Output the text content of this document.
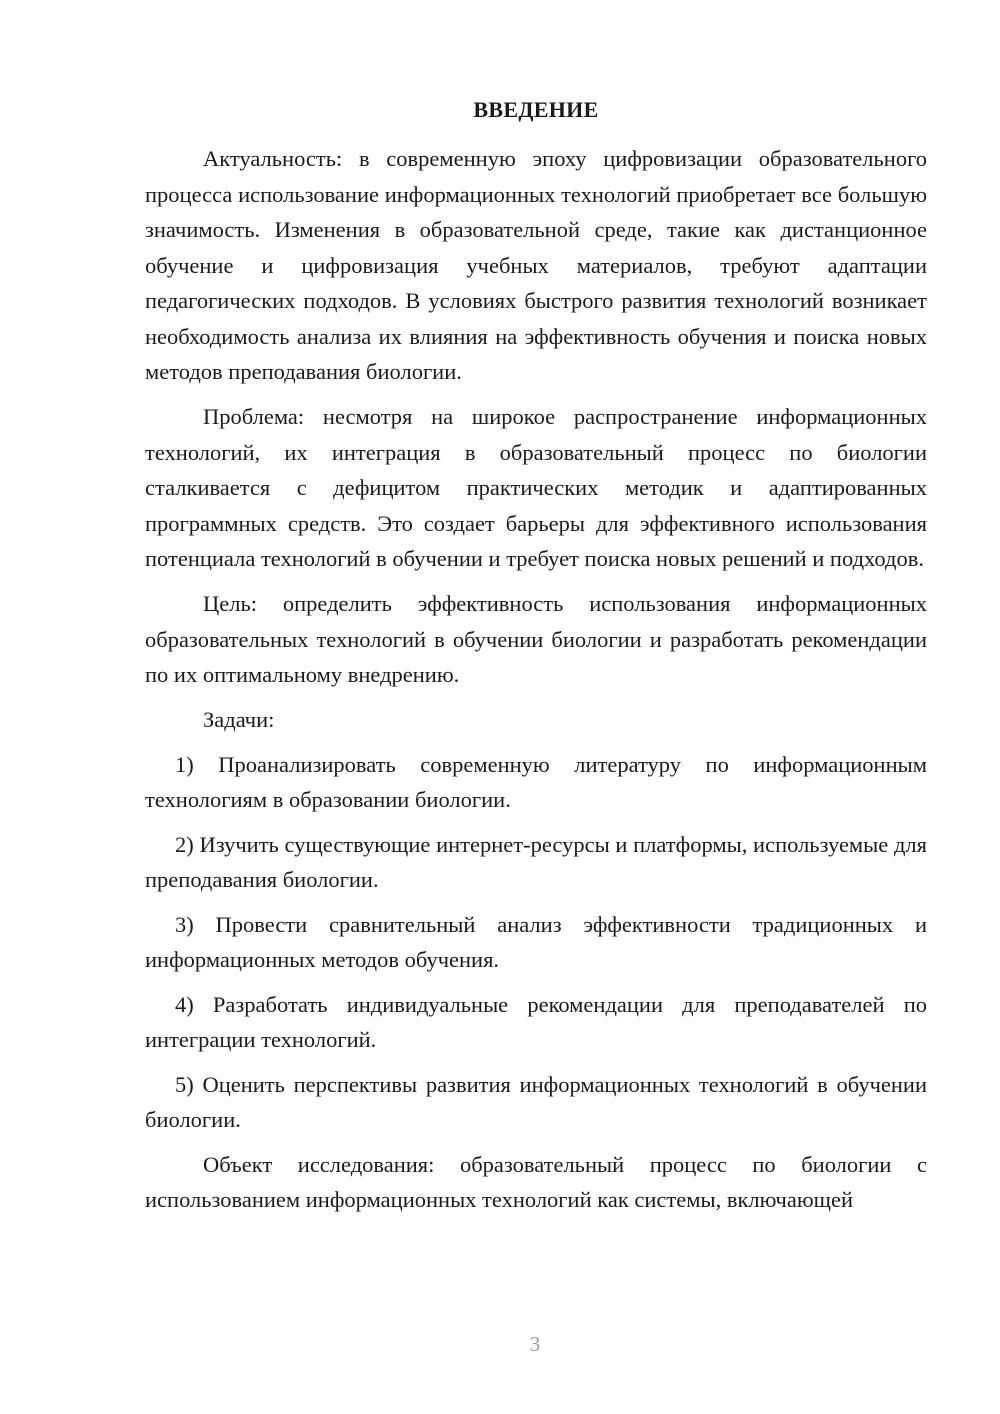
ВВЕДЕНИЕ

Актуальность: в современную эпоху цифровизации образовательного процесса использование информационных технологий приобретает все большую значимость. Изменения в образовательной среде, такие как дистанционное обучение и цифровизация учебных материалов, требуют адаптации педагогических подходов. В условиях быстрого развития технологий возникает необходимость анализа их влияния на эффективность обучения и поиска новых методов преподавания биологии.

Проблема: несмотря на широкое распространение информационных технологий, их интеграция в образовательный процесс по биологии сталкивается с дефицитом практических методик и адаптированных программных средств. Это создает барьеры для эффективного использования потенциала технологий в обучении и требует поиска новых решений и подходов.

Цель: определить эффективность использования информационных образовательных технологий в обучении биологии и разработать рекомендации по их оптимальному внедрению.

Задачи:

1) Проанализировать современную литературу по информационным технологиям в образовании биологии.

2) Изучить существующие интернет-ресурсы и платформы, используемые для преподавания биологии.

3) Провести сравнительный анализ эффективности традиционных и информационных методов обучения.

4) Разработать индивидуальные рекомендации для преподавателей по интеграции технологий.

5) Оценить перспективы развития информационных технологий в обучении биологии.

Объект исследования: образовательный процесс по биологии с использованием информационных технологий как системы, включающей

3
